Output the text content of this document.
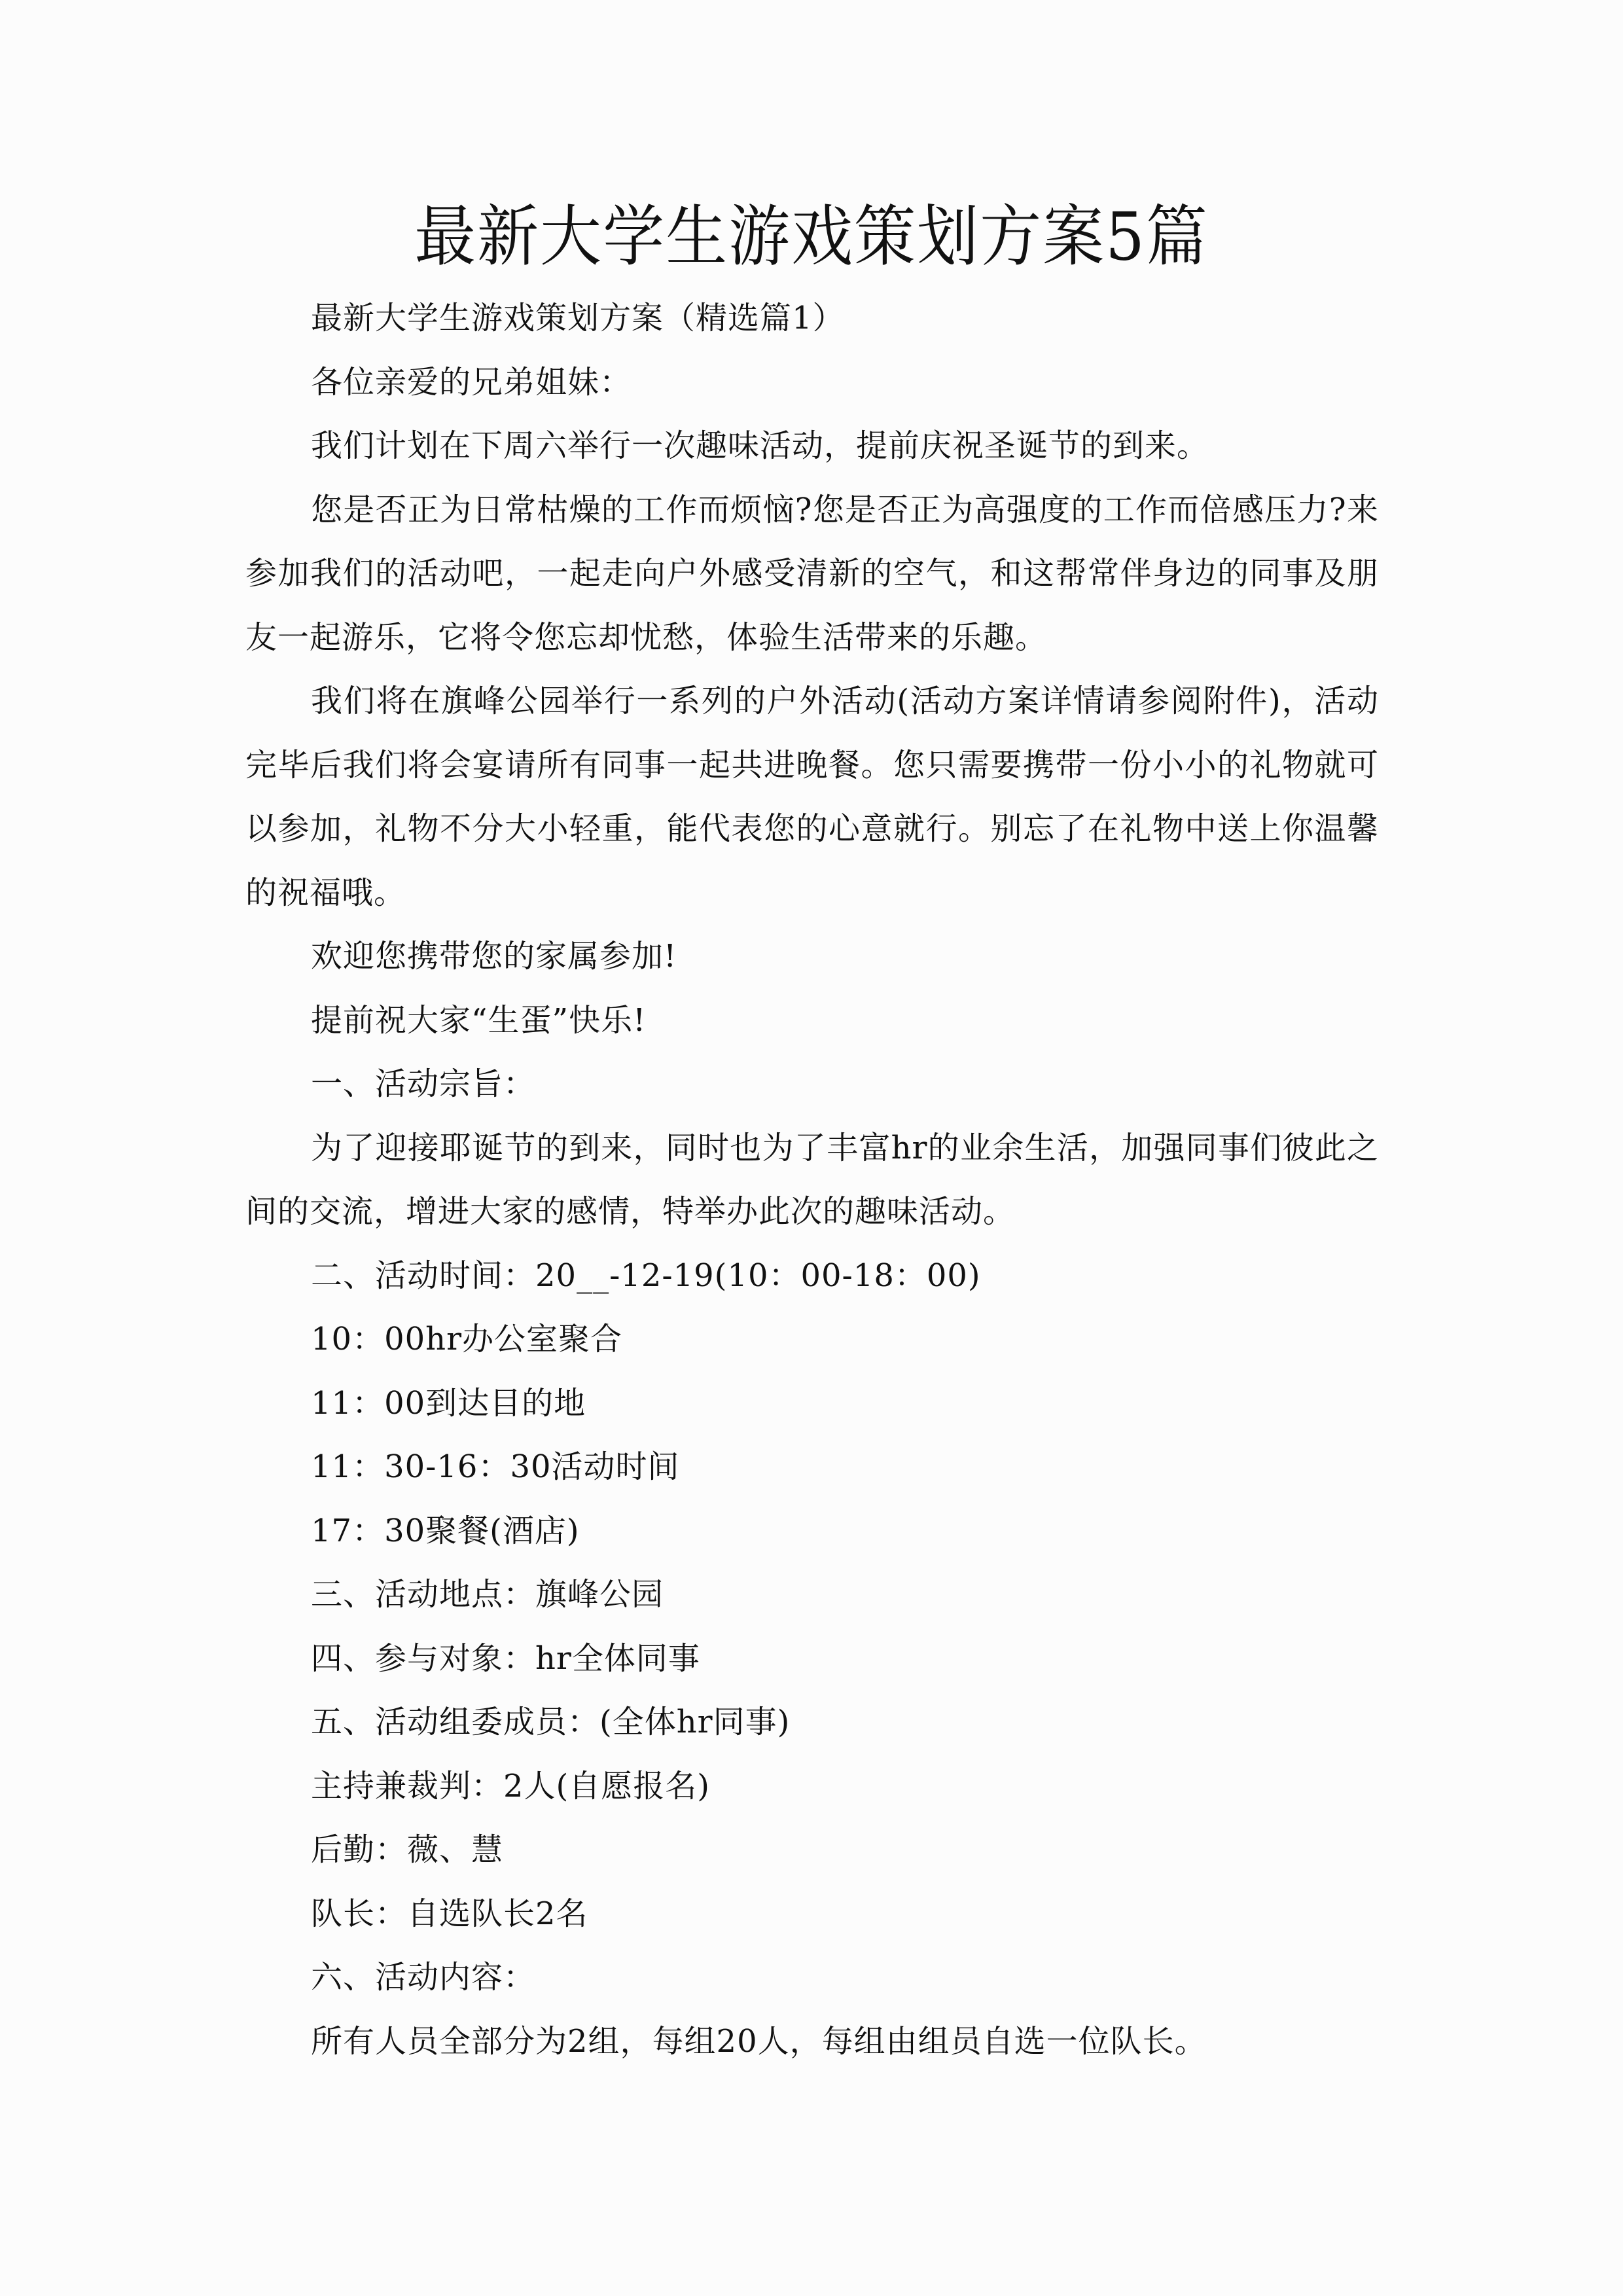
最新大学生游戏策划方案5篇

最新大学生游戏策划方案（精选篇1）

各位亲爱的兄弟姐妹：

我们计划在下周六举行一次趣味活动，提前庆祝圣诞节的到来。

您是否正为日常枯燥的工作而烦恼?您是否正为高强度的工作而倍感压力?来参加我们的活动吧，一起走向户外感受清新的空气，和这帮常伴身边的同事及朋友一起游乐，它将令您忘却忧愁，体验生活带来的乐趣。

我们将在旗峰公园举行一系列的户外活动(活动方案详情请参阅附件)，活动完毕后我们将会宴请所有同事一起共进晚餐。您只需要携带一份小小的礼物就可以参加，礼物不分大小轻重，能代表您的心意就行。别忘了在礼物中送上你温馨的祝福哦。

欢迎您携带您的家属参加!

提前祝大家“生蛋”快乐!

一、活动宗旨：

为了迎接耶诞节的到来，同时也为了丰富hr的业余生活，加强同事们彼此之间的交流，增进大家的感情，特举办此次的趣味活动。

二、活动时间：20__-12-19(10：00-18：00)

10：00hr办公室聚合

11：00到达目的地

11：30-16：30活动时间

17：30聚餐(酒店)

三、活动地点：旗峰公园

四、参与对象：hr全体同事

五、活动组委成员：(全体hr同事)

主持兼裁判：2人(自愿报名)

后勤：薇、慧

队长：自选队长2名

六、活动内容：

所有人员全部分为2组，每组20人，每组由组员自选一位队长。
